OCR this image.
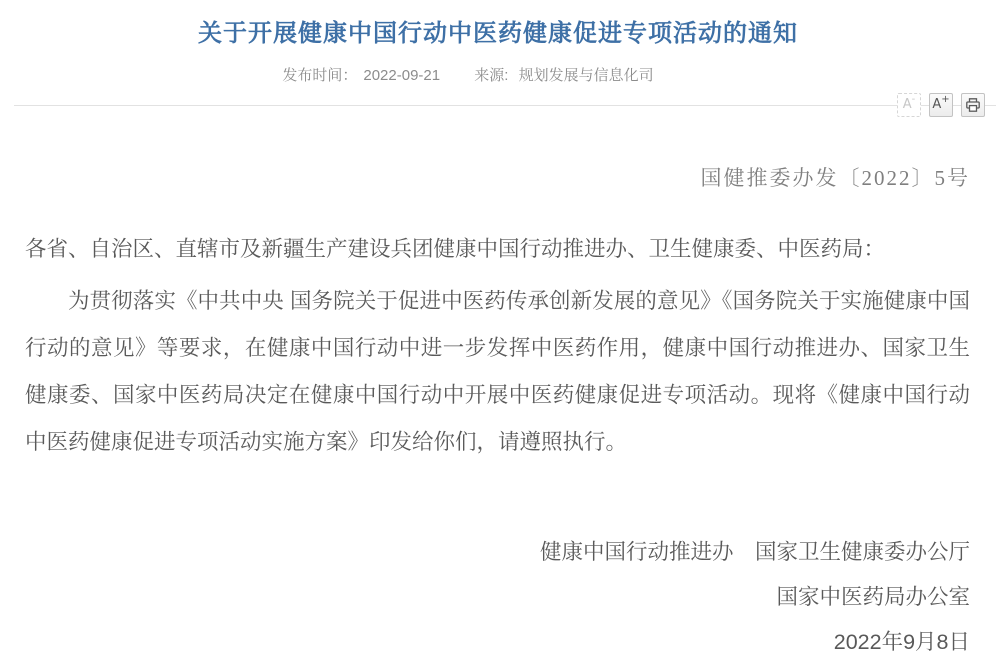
关于开展健康中国行动中医药健康促进专项活动的通知
发布时间： 2022-09-21 来源: 规划发展与信息化司
A - A +
国健推委办发〔2022〕5号

各省、自治区、直辖市及新疆生产建设兵团健康中国行动推进办、卫生健康委、中医药局：

为贯彻落实《中共中央 国务院关于促进中医药传承创新发展的意见》《国务院关于实施健康中国行动的意见》等要求，在健康中国行动中进一步发挥中医药作用，健康中国行动推进办、国家卫生健康委、国家中医药局决定在健康中国行动中开展中医药健康促进专项活动。现将《健康中国行动中医药健康促进专项活动实施方案》印发给你们，请遵照执行。

健康中国行动推进办　国家卫生健康委办公厅
国家中医药局办公室
2022年9月8日
